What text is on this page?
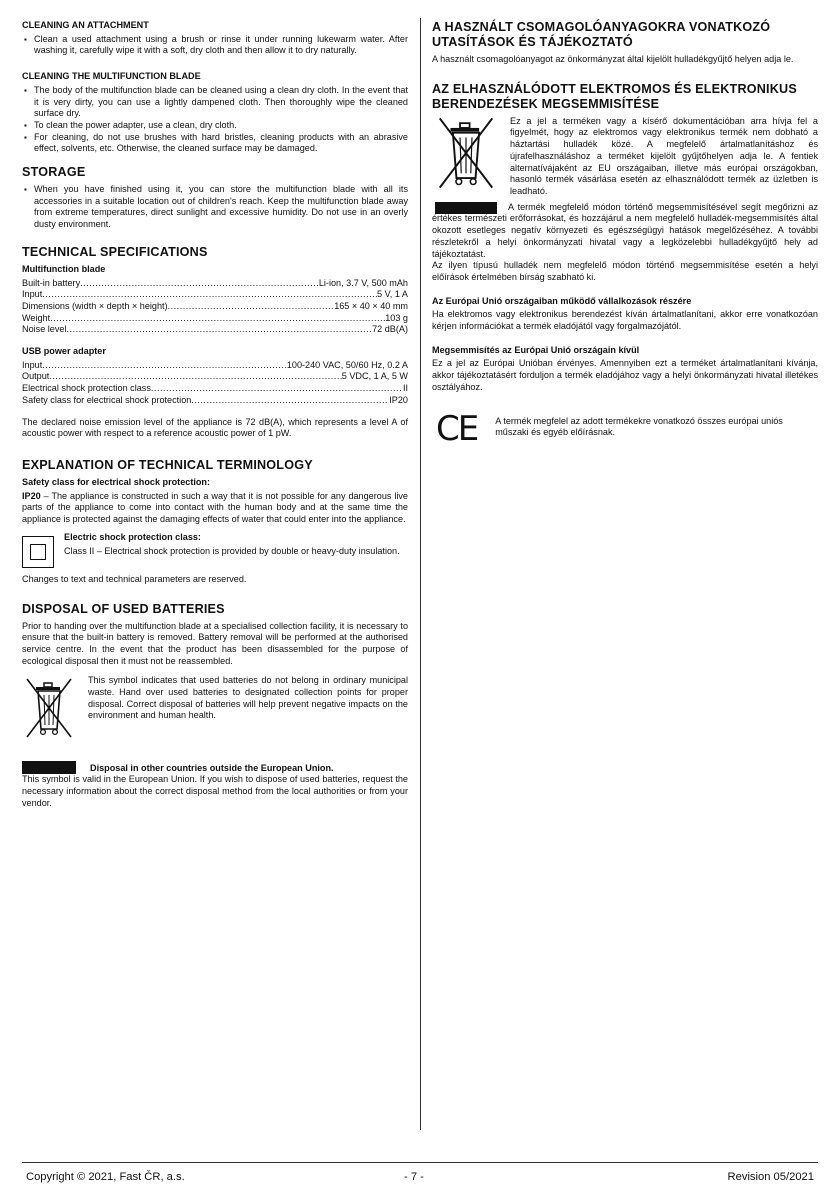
CLEANING AN ATTACHMENT
▪ Clean a used attachment using a brush or rinse it under running lukewarm water. After washing it, carefully wipe it with a soft, dry cloth and then allow it to dry naturally.
CLEANING THE MULTIFUNCTION BLADE
▪ The body of the multifunction blade can be cleaned using a clean dry cloth. In the event that it is very dirty, you can use a lightly dampened cloth. Then thoroughly wipe the cleaned surface dry.
▪ To clean the power adapter, use a clean, dry cloth.
▪ For cleaning, do not use brushes with hard bristles, cleaning products with an abrasive effect, solvents, etc. Otherwise, the cleaned surface may be damaged.
STORAGE
▪ When you have finished using it, you can store the multifunction blade with all its accessories in a suitable location out of children's reach. Keep the multifunction blade away from extreme temperatures, direct sunlight and excessive humidity. Do not use in an overly dusty environment.
TECHNICAL SPECIFICATIONS
Multifunction blade
Built-in battery .....	Li-ion, 3.7 V, 500 mAh
Input .....	5 V, 1 A
Dimensions (width × depth × height) .....	165 × 40 × 40 mm
Weight .....	103 g
Noise level .....	72 dB(A)
USB power adapter
Input .....	100-240 VAC, 50/60 Hz, 0.2 A
Output .....	5 VDC, 1 A, 5 W
Electrical shock protection class .....	II
Safety class for electrical shock protection .....	IP20

The declared noise emission level of the appliance is 72 dB(A), which represents a level A of acoustic power with respect to a reference acoustic power of 1 pW.

EXPLANATION OF TECHNICAL TERMINOLOGY
Safety class for electrical shock protection:

IP20 – The appliance is constructed in such a way that it is not possible for any dangerous live parts of the appliance to come into contact with the human body and at the same time the appliance is protected against the damaging effects of water that could enter into the appliance.

Electric shock protection class:

Class II – Electrical shock protection is provided by double or heavy-duty insulation.

Changes to text and technical parameters are reserved.

DISPOSAL OF USED BATTERIES

Prior to handing over the multifunction blade at a specialised collection facility, it is necessary to ensure that the built-in battery is removed. Battery removal will be performed at the authorised service centre. In the event that the product has been disassembled for the purpose of ecological disposal then it must not be reassembled.

This symbol indicates that used batteries do not belong in ordinary municipal waste. Hand over used batteries to designated collection points for proper disposal. Correct disposal of batteries will help prevent negative impacts on the environment and human health.

Disposal in other countries outside the European Union.

This symbol is valid in the European Union. If you wish to dispose of used batteries, request the necessary information about the correct disposal method from the local authorities or from your vendor.

A HASZNÁLT CSOMAGOLÓANYAGOKRA VONATKOZÓ UTASÍTÁSOK ÉS TÁJÉKOZTATÓ

A használt csomagolóanyagot az önkormányzat által kijelölt hulladékgyűjtő helyen adja le.

AZ ELHASZNÁLÓDOTT ELEKTROMOS ÉS ELEKTRONIKUS BERENDEZÉSEK MEGSEMMISÍTÉSE

Ez a jel a terméken vagy a kísérő dokumentációban arra hívja fel a figyelmét, hogy az elektromos vagy elektronikus termék nem dobható a háztartási hulladék közé. A megfelelő ártalmatlanításhoz és újrafelhasználáshoz a terméket kijelölt gyűjtőhelyen adja le. A fentiek alternatívájaként az EU országaiban, illetve más európai országokban, hasonló termék vásárlása esetén az elhasználódott termék az üzletben is leadható.

A termék megfelelő módon történő megsemmisítésével segít megőrizni az értékes természeti erőforrásokat, és hozzájárul a nem megfelelő hulladék-megsemmisítés által okozott esetleges negatív környezeti és egészségügyi hatások megelőzéséhez. A további részletekről a helyi önkormányzati hivatal vagy a legközelebbi hulladékgyűjtő hely ad tájékoztatást.

Az ilyen típusú hulladék nem megfelelő módon történő megsemmisítése esetén a helyi előírások értelmében bírság szabható ki.

Az Európai Unió országaiban működő vállalkozások részére

Ha elektromos vagy elektronikus berendezést kíván ártalmatlanítani, akkor erre vonatkozóan kérjen információkat a termék eladójától vagy forgalmazójától.

Megsemmisítés az Európai Unió országain kívül

Ez a jel az Európai Unióban érvényes. Amennyiben ezt a terméket ártalmatlanítani kívánja, akkor tájékoztatásért forduljon a termék eladójához vagy a helyi önkormányzati hivatal illetékes osztályához.

CE A termék megfelel az adott termékekre vonatkozó összes európai uniós műszaki és egyéb előírásnak.

Copyright © 2021, Fast ČR, a.s.	- 7 -	Revision 05/2021
